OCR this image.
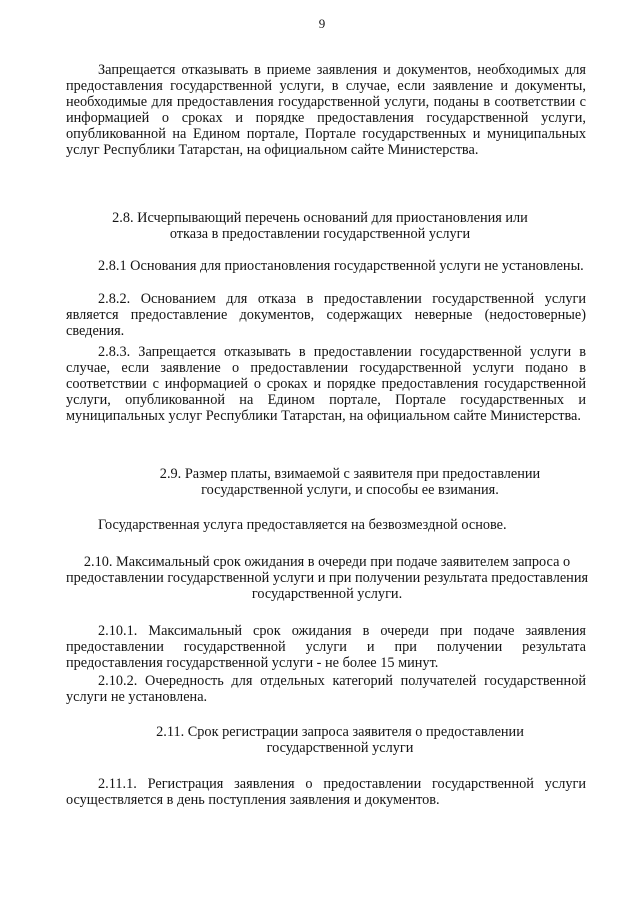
9

Запрещается отказывать в приеме заявления и документов, необходимых для предоставления государственной услуги, в случае, если заявление и документы, необходимые для предоставления государственной услуги, поданы в соответствии с информацией о сроках и порядке предоставления государственной услуги, опубликованной на Едином портале, Портале государственных и муниципальных услуг Республики Татарстан, на официальном сайте Министерства.

2.8. Исчерпывающий перечень оснований для приостановления или отказа в предоставлении государственной услуги

2.8.1 Основания для приостановления государственной услуги не установлены.

2.8.2. Основанием для отказа в предоставлении государственной услуги является предоставление документов, содержащих неверные (недостоверные) сведения.

2.8.3. Запрещается отказывать в предоставлении государственной услуги в случае, если заявление о предоставлении государственной услуги подано в соответствии с информацией о сроках и порядке предоставления государственной услуги, опубликованной на Едином портале, Портале государственных и муниципальных услуг Республики Татарстан, на официальном сайте Министерства.

2.9. Размер платы, взимаемой с заявителя при предоставлении государственной услуги, и способы ее взимания.

Государственная услуга предоставляется на безвозмездной основе.

2.10. Максимальный срок ожидания в очереди при подаче заявителем запроса о предоставлении государственной услуги и при получении результата предоставления государственной услуги.

2.10.1. Максимальный срок ожидания в очереди при подаче заявления предоставлении государственной услуги и при получении результата предоставления государственной услуги - не более 15 минут.

2.10.2. Очередность для отдельных категорий получателей государственной услуги не установлена.

2.11. Срок регистрации запроса заявителя о предоставлении государственной услуги

2.11.1. Регистрация заявления о предоставлении государственной услуги осуществляется в день поступления заявления и документов.
